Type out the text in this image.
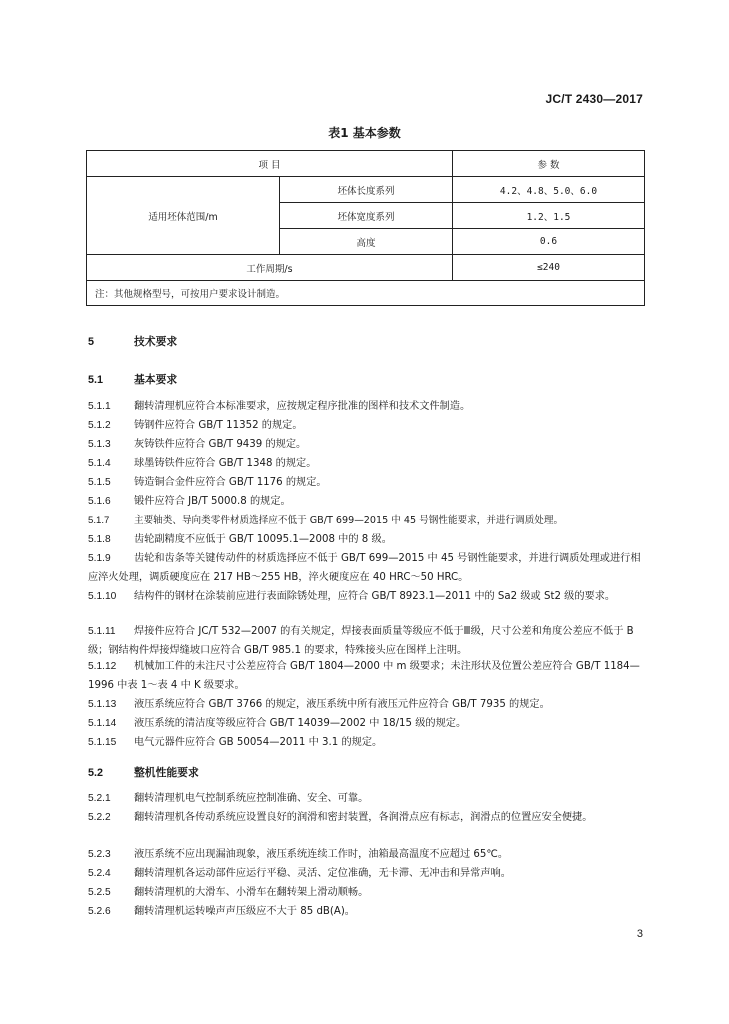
JC/T 2430—2017
表1 基本参数
项 目		参 数
适用坯体范围/m	坯体长度系列	4.2、4.8、5.0、6.0
	坯体宽度系列	1.2、1.5
	高度	0.6
工作周期/s		≤240
注：其他规格型号，可按用户要求设计制造。		
5	技术要求
5.1	基本要求
5.1.1 翻转清理机应符合本标准要求，应按规定程序批准的图样和技术文件制造。
5.1.2 铸钢件应符合 GB/T 11352 的规定。
5.1.3 灰铸铁件应符合 GB/T 9439 的规定。
5.1.4 球墨铸铁件应符合 GB/T 1348 的规定。
5.1.5 铸造铜合金件应符合 GB/T 1176 的规定。
5.1.6 锻件应符合 JB/T 5000.8 的规定。
5.1.7	主要轴类、导向类零件材质选择应不低于 GB/T 699—2015 中 45 号钢性能要求，并进行调质处理。
5.1.8 齿轮副精度不应低于 GB/T 10095.1—2008 中的 8 级。
5.1.9 齿轮和齿条等关键传动件的材质选择应不低于 GB/T 699—2015 中 45 号钢性能要求，并进行调质处理或进行相应淬火处理，调质硬度应在 217 HB～255 HB，淬火硬度应在 40 HRC～50 HRC。
5.1.10 结构件的钢材在涂装前应进行表面除锈处理，应符合 GB/T 8923.1—2011 中的 Sa2 级或 St2 级的要求。
5.1.11 焊接件应符合 JC/T 532—2007 的有关规定，焊接表面质量等级应不低于Ⅲ级，尺寸公差和角度公差应不低于 B 级；钢结构件焊接焊缝坡口应符合 GB/T 985.1 的要求，特殊接头应在图样上注明。
5.1.12 机械加工件的未注尺寸公差应符合 GB/T 1804—2000 中 m 级要求；未注形状及位置公差应符合 GB/T 1184—1996 中表 1～表 4 中 K 级要求。
5.1.13 液压系统应符合 GB/T 3766 的规定，液压系统中所有液压元件应符合 GB/T 7935 的规定。
5.1.14 液压系统的清洁度等级应符合 GB/T 14039—2002 中 18/15 级的规定。
5.1.15 电气元器件应符合 GB 50054—2011 中 3.1 的规定。
5.2	整机性能要求
5.2.1 翻转清理机电气控制系统应控制准确、安全、可靠。
5.2.2 翻转清理机各传动系统应设置良好的润滑和密封装置，各润滑点应有标志，润滑点的位置应安全便捷。
5.2.3 液压系统不应出现漏油现象，液压系统连续工作时，油箱最高温度不应超过 65℃。
5.2.4 翻转清理机各运动部件应运行平稳、灵活、定位准确，无卡滞、无冲击和异常声响。
5.2.5 翻转清理机的大滑车、小滑车在翻转架上滑动顺畅。
5.2.6 翻转清理机运转噪声声压级应不大于 85 dB(A)。
3
